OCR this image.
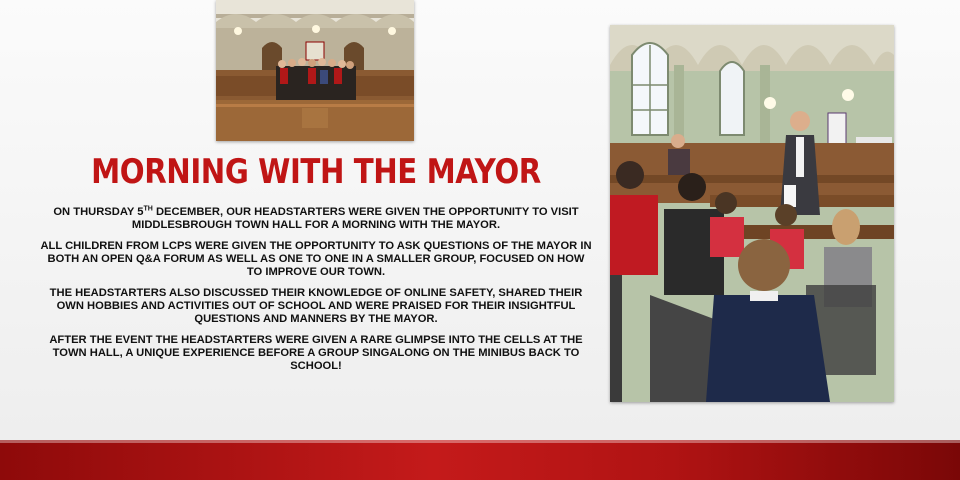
MORNING WITH THE MAYOR

ON THURSDAY 5TH DECEMBER, OUR HEADSTARTERS WERE GIVEN THE OPPORTUNITY TO VISIT MIDDLESBROUGH TOWN HALL FOR A MORNING WITH THE MAYOR.

ALL CHILDREN FROM LCPS WERE GIVEN THE OPPORTUNITY TO ASK QUESTIONS OF THE MAYOR IN BOTH AN OPEN Q&A FORUM AS WELL AS ONE TO ONE IN A SMALLER GROUP, FOCUSED ON HOW TO IMPROVE OUR TOWN.

THE HEADSTARTERS ALSO DISCUSSED THEIR KNOWLEDGE OF ONLINE SAFETY, SHARED THEIR OWN HOBBIES AND ACTIVITIES OUT OF SCHOOL AND WERE PRAISED FOR THEIR INSIGHTFUL QUESTIONS AND MANNERS BY THE MAYOR.

AFTER THE EVENT THE HEADSTARTERS WERE GIVEN A RARE GLIMPSE INTO THE CELLS AT THE TOWN HALL, A UNIQUE EXPERIENCE BEFORE A GROUP SINGALONG ON THE MINIBUS BACK TO SCHOOL!
